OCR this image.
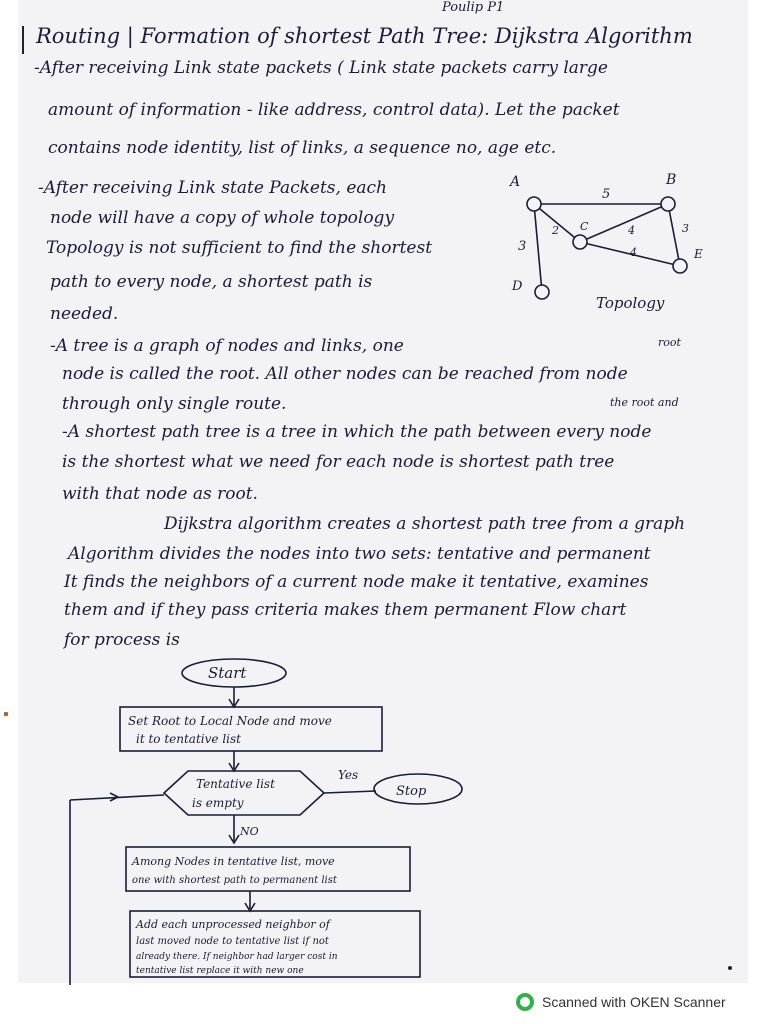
Poulip P1
Routing | Formation of shortest Path Tree: Dijkstra Algorithm
-After receiving Link state packets ( Link state packets carry large
amount of information - like address, control data). Let the packet
contains node identity, list of links, a sequence no, age etc.
-After receiving Link state Packets, each
node will have a copy of whole topology
Topology is not sufficient to find the shortest
path to every node, a shortest path is
needed.
A	B
C
D
E
5
2	4
3	4
3
Topology
root
-A tree is a graph of nodes and links, one
node is called the root. All other nodes can be reached from node
through only single route.	the root and
-A shortest path tree is a tree in which the path between every node
is the shortest what we need for each node is shortest path tree
with that node as root.
Dijkstra algorithm creates a shortest path tree from a graph
Algorithm divides the nodes into two sets: tentative and permanent
It finds the neighbors of a current node make it tentative, examines
them and if they pass criteria makes them permanent Flow chart
for process is
Start
Set Root to Local Node and move
it to tentative list
Tentative list
is empty
Yes
Stop
NO
Among Nodes in tentative list, move
one with shortest path to permanent list
Add each unprocessed neighbor of
last moved node to tentative list if not
already there. If neighbor had larger cost in
tentative list replace it with new one
Scanned with OKEN Scanner
